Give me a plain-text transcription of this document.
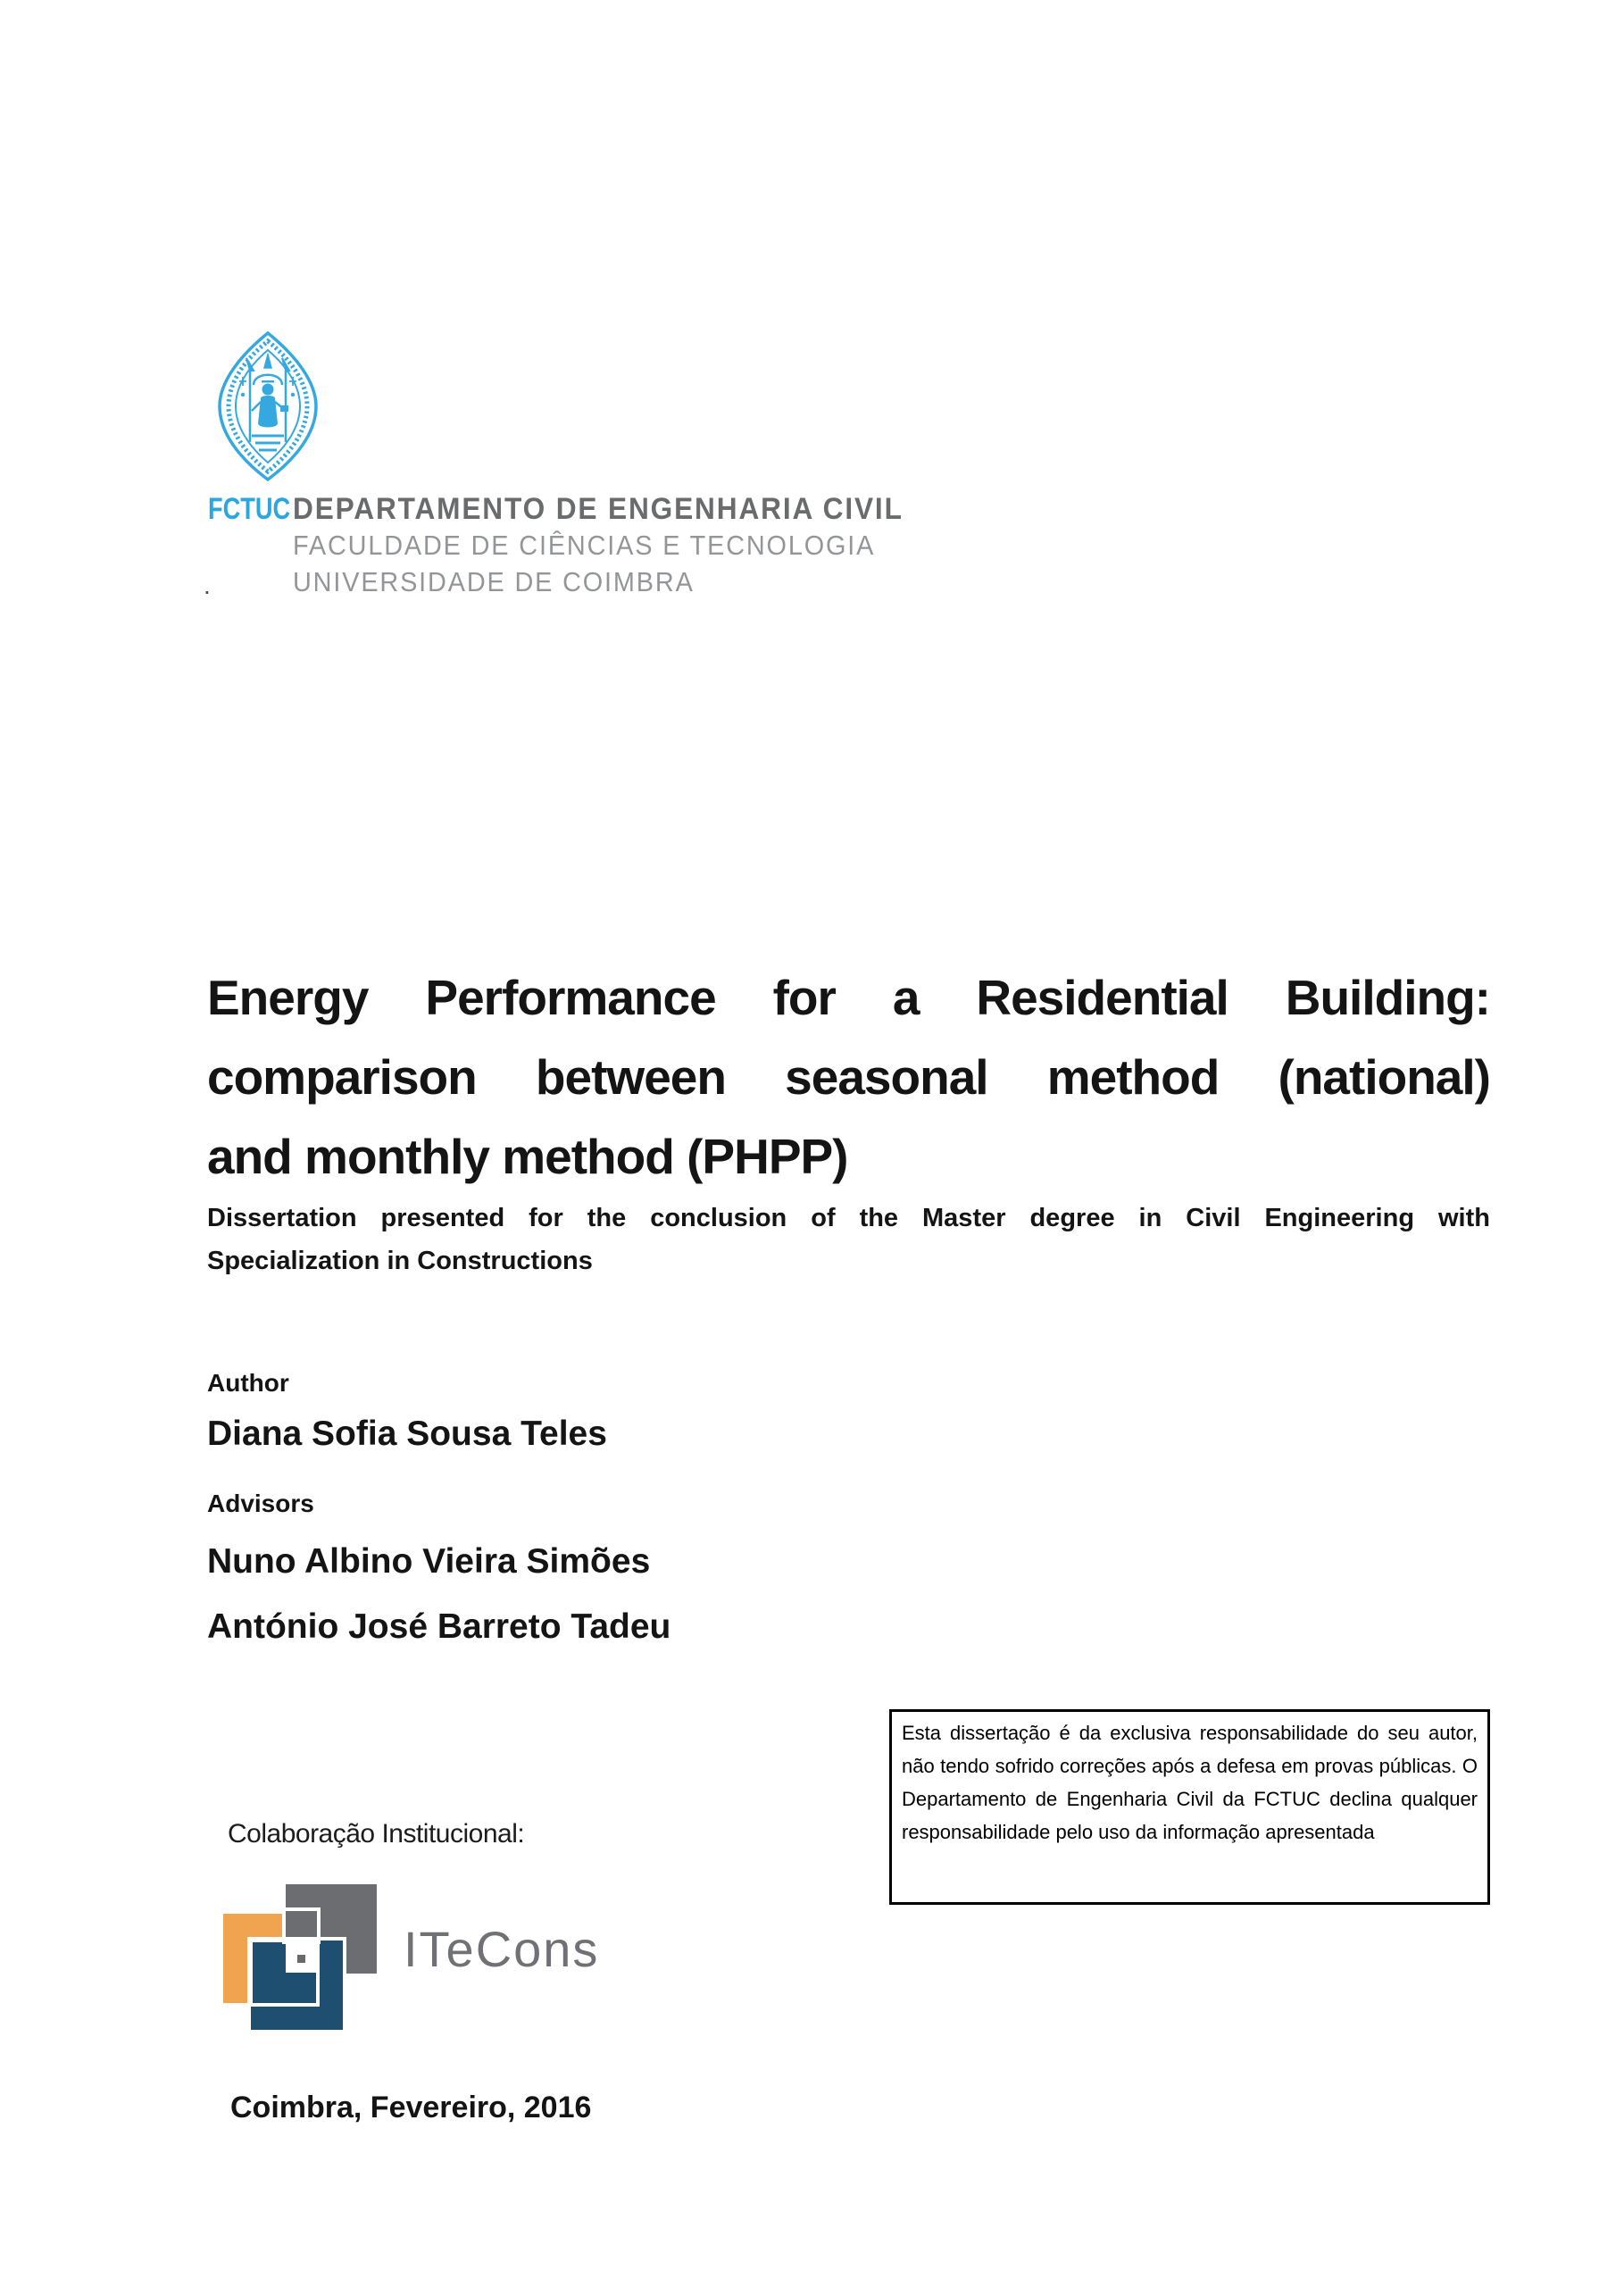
FCTUC DEPARTAMENTO DE ENGENHARIA CIVIL
FACULDADE DE CIÊNCIAS E TECNOLOGIA
UNIVERSIDADE DE COIMBRA
.
Energy Performance for a Residential Building:
comparison between seasonal method (national)
and monthly method (PHPP)
Dissertation presented for the conclusion of the Master degree in Civil Engineering with
Specialization in Constructions
Author
Diana Sofia Sousa Teles
Advisors
Nuno Albino Vieira Simões
António José Barreto Tadeu

Esta dissertação é da exclusiva responsabilidade do seu autor, não tendo sofrido correções após a defesa em provas públicas. O Departamento de Engenharia Civil da FCTUC declina qualquer responsabilidade pelo uso da informação apresentada

Colaboração Institucional:
ITeCons
Coimbra, Fevereiro, 2016
